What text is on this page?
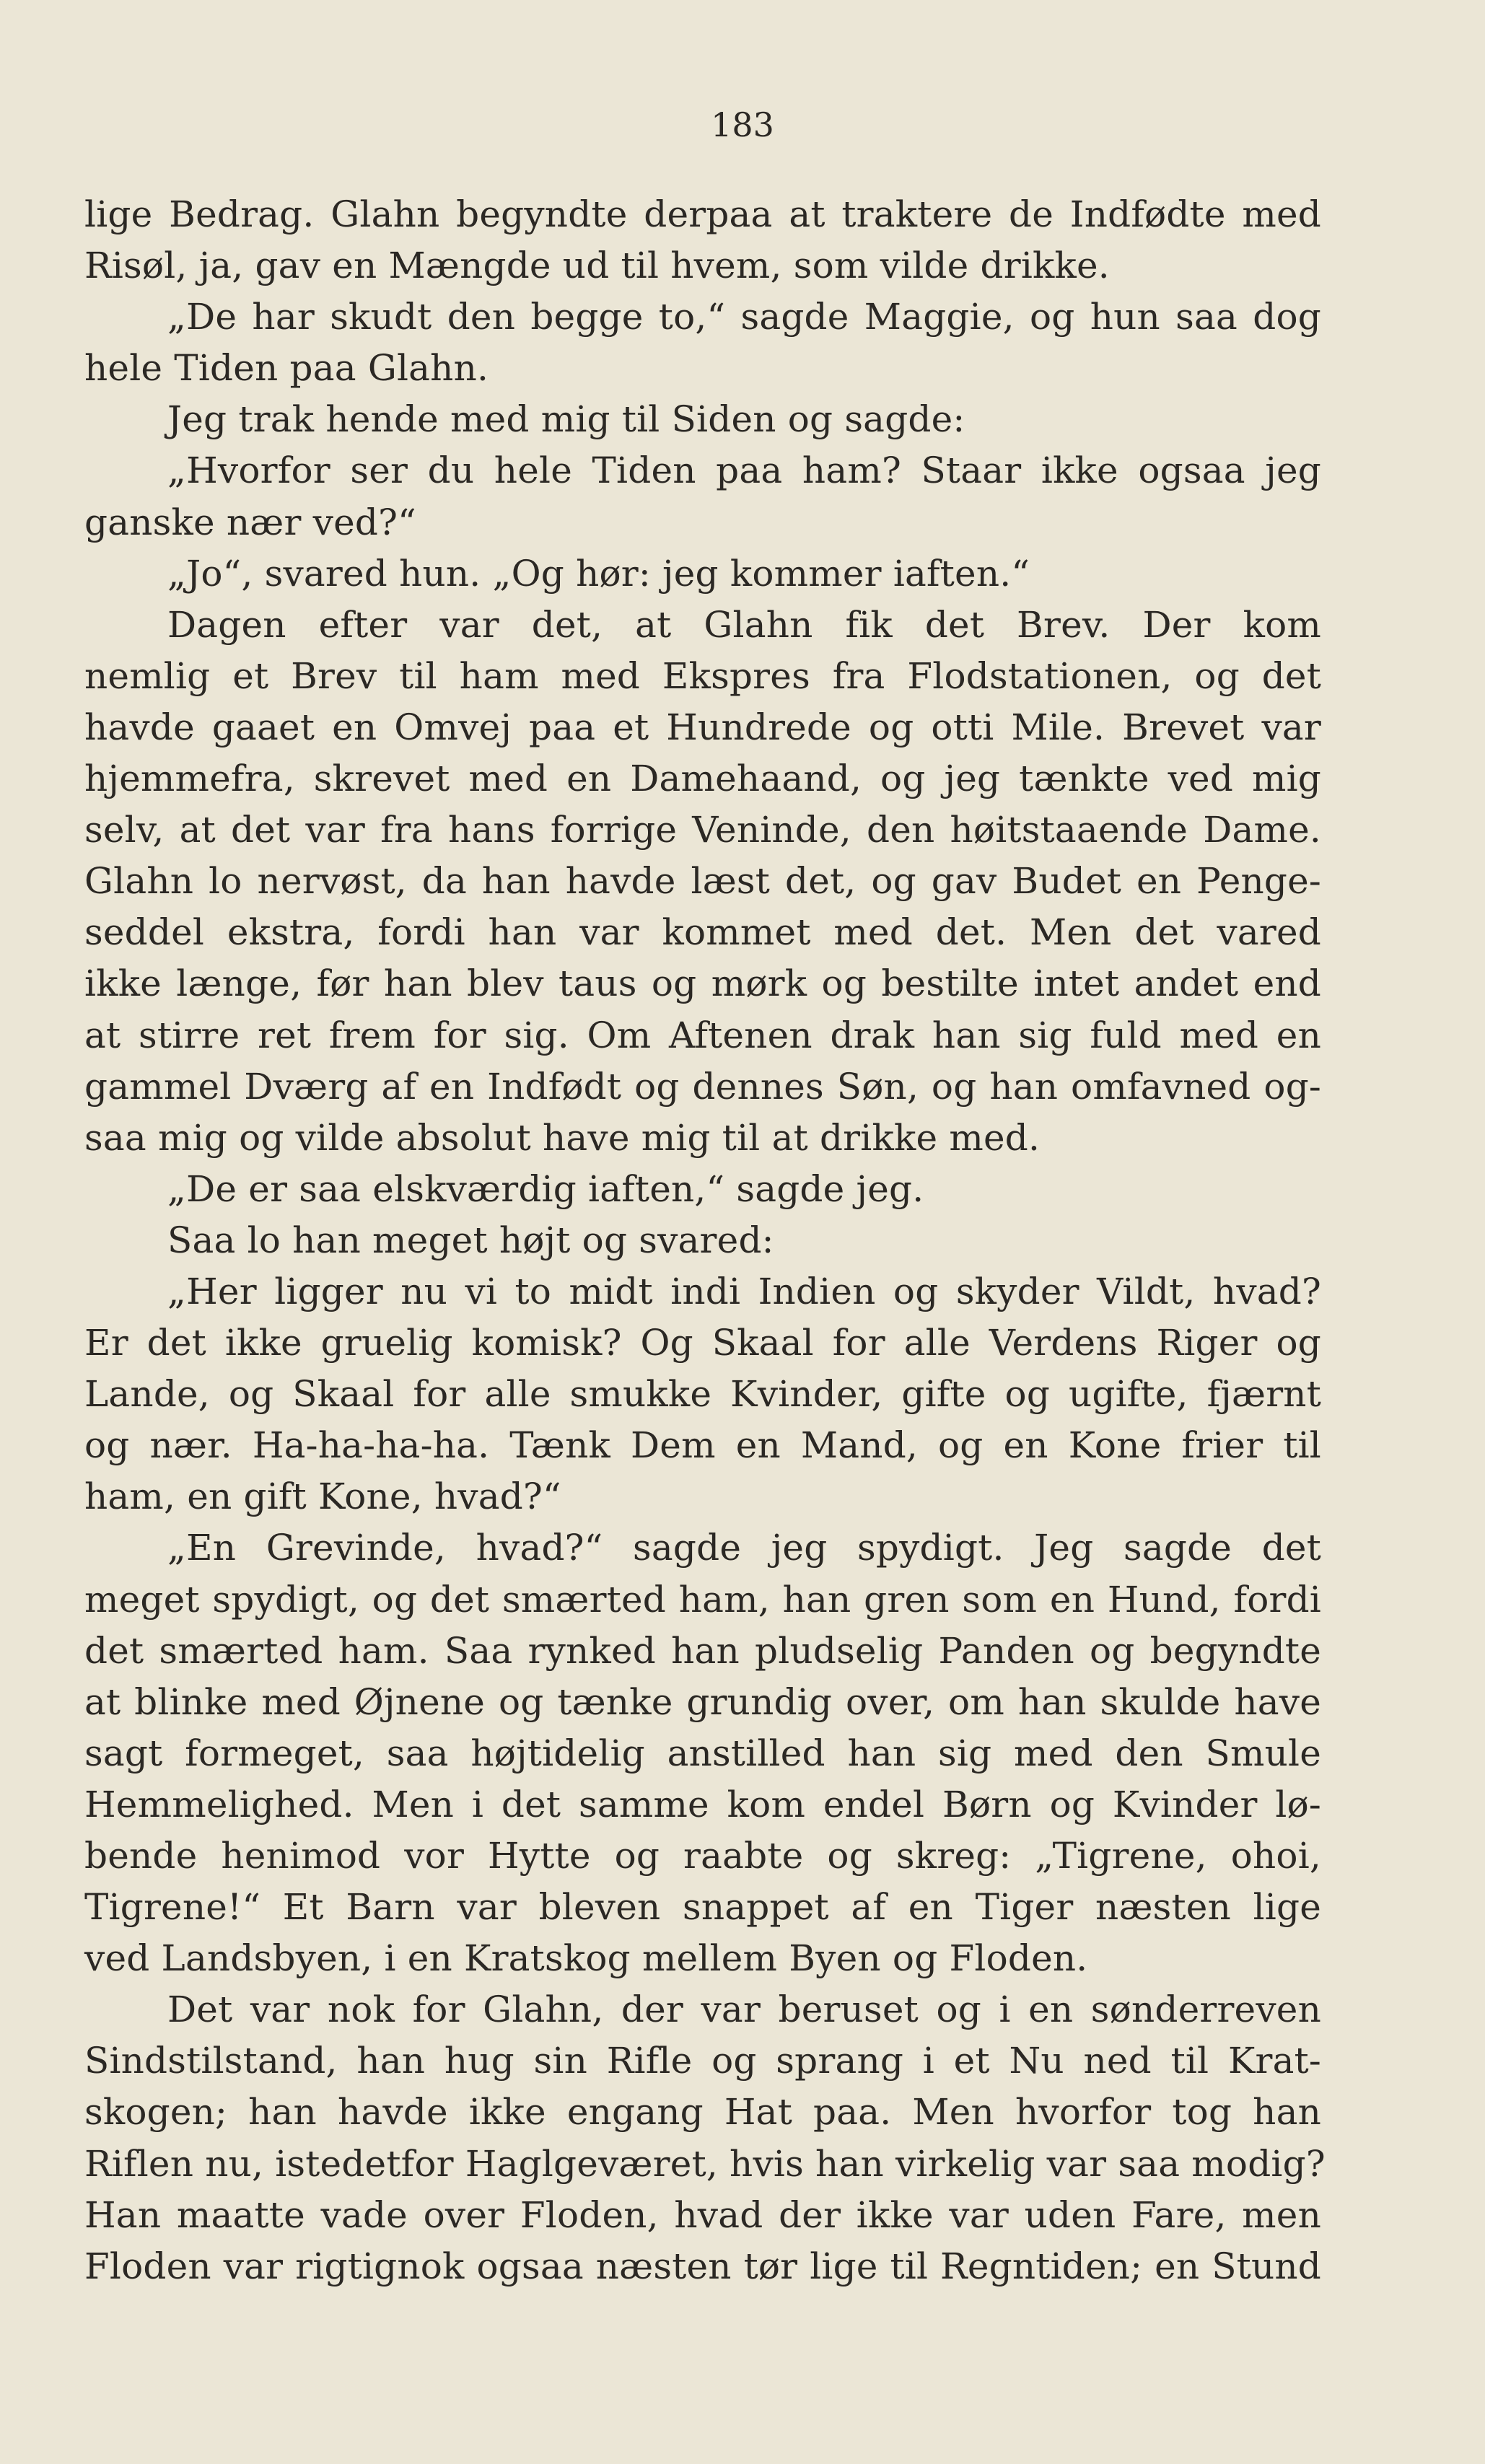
183
lige Bedrag. Glahn begyndte derpaa at traktere de Indfødte med
Risøl, ja, gav en Mængde ud til hvem, som vilde drikke.
„De har skudt den begge to,“ sagde Maggie, og hun saa dog
hele Tiden paa Glahn.
Jeg trak hende med mig til Siden og sagde:
„Hvorfor ser du hele Tiden paa ham? Staar ikke ogsaa jeg
ganske nær ved?“
„Jo“, svared hun. „Og hør: jeg kommer iaften.“
Dagen efter var det, at Glahn fik det Brev. Der kom
nemlig et Brev til ham med Ekspres fra Flodstationen, og det
havde gaaet en Omvej paa et Hundrede og otti Mile. Brevet var
hjemmefra, skrevet med en Damehaand, og jeg tænkte ved mig
selv, at det var fra hans forrige Veninde, den høitstaaende Dame.
Glahn lo nervøst, da han havde læst det, og gav Budet en Penge-
seddel ekstra, fordi han var kommet med det. Men det vared
ikke længe, før han blev taus og mørk og bestilte intet andet end
at stirre ret frem for sig. Om Aftenen drak han sig fuld med en
gammel Dværg af en Indfødt og dennes Søn, og han omfavned og-
saa mig og vilde absolut have mig til at drikke med.
„De er saa elskværdig iaften,“ sagde jeg.
Saa lo han meget højt og svared:
„Her ligger nu vi to midt indi Indien og skyder Vildt, hvad?
Er det ikke gruelig komisk? Og Skaal for alle Verdens Riger og
Lande, og Skaal for alle smukke Kvinder, gifte og ugifte, fjærnt
og nær. Ha-ha-ha-ha. Tænk Dem en Mand, og en Kone frier til
ham, en gift Kone, hvad?“
„En Grevinde, hvad?“ sagde jeg spydigt. Jeg sagde det
meget spydigt, og det smærted ham, han gren som en Hund, fordi
det smærted ham. Saa rynked han pludselig Panden og begyndte
at blinke med Øjnene og tænke grundig over, om han skulde have
sagt formeget, saa højtidelig anstilled han sig med den Smule
Hemmelighed. Men i det samme kom endel Børn og Kvinder lø-
bende henimod vor Hytte og raabte og skreg: „Tigrene, ohoi,
Tigrene!“ Et Barn var bleven snappet af en Tiger næsten lige
ved Landsbyen, i en Kratskog mellem Byen og Floden.
Det var nok for Glahn, der var beruset og i en sønderreven
Sindstilstand, han hug sin Rifle og sprang i et Nu ned til Krat-
skogen; han havde ikke engang Hat paa. Men hvorfor tog han
Riflen nu, istedetfor Haglgeværet, hvis han virkelig var saa modig?
Han maatte vade over Floden, hvad der ikke var uden Fare, men
Floden var rigtignok ogsaa næsten tør lige til Regntiden; en Stund
